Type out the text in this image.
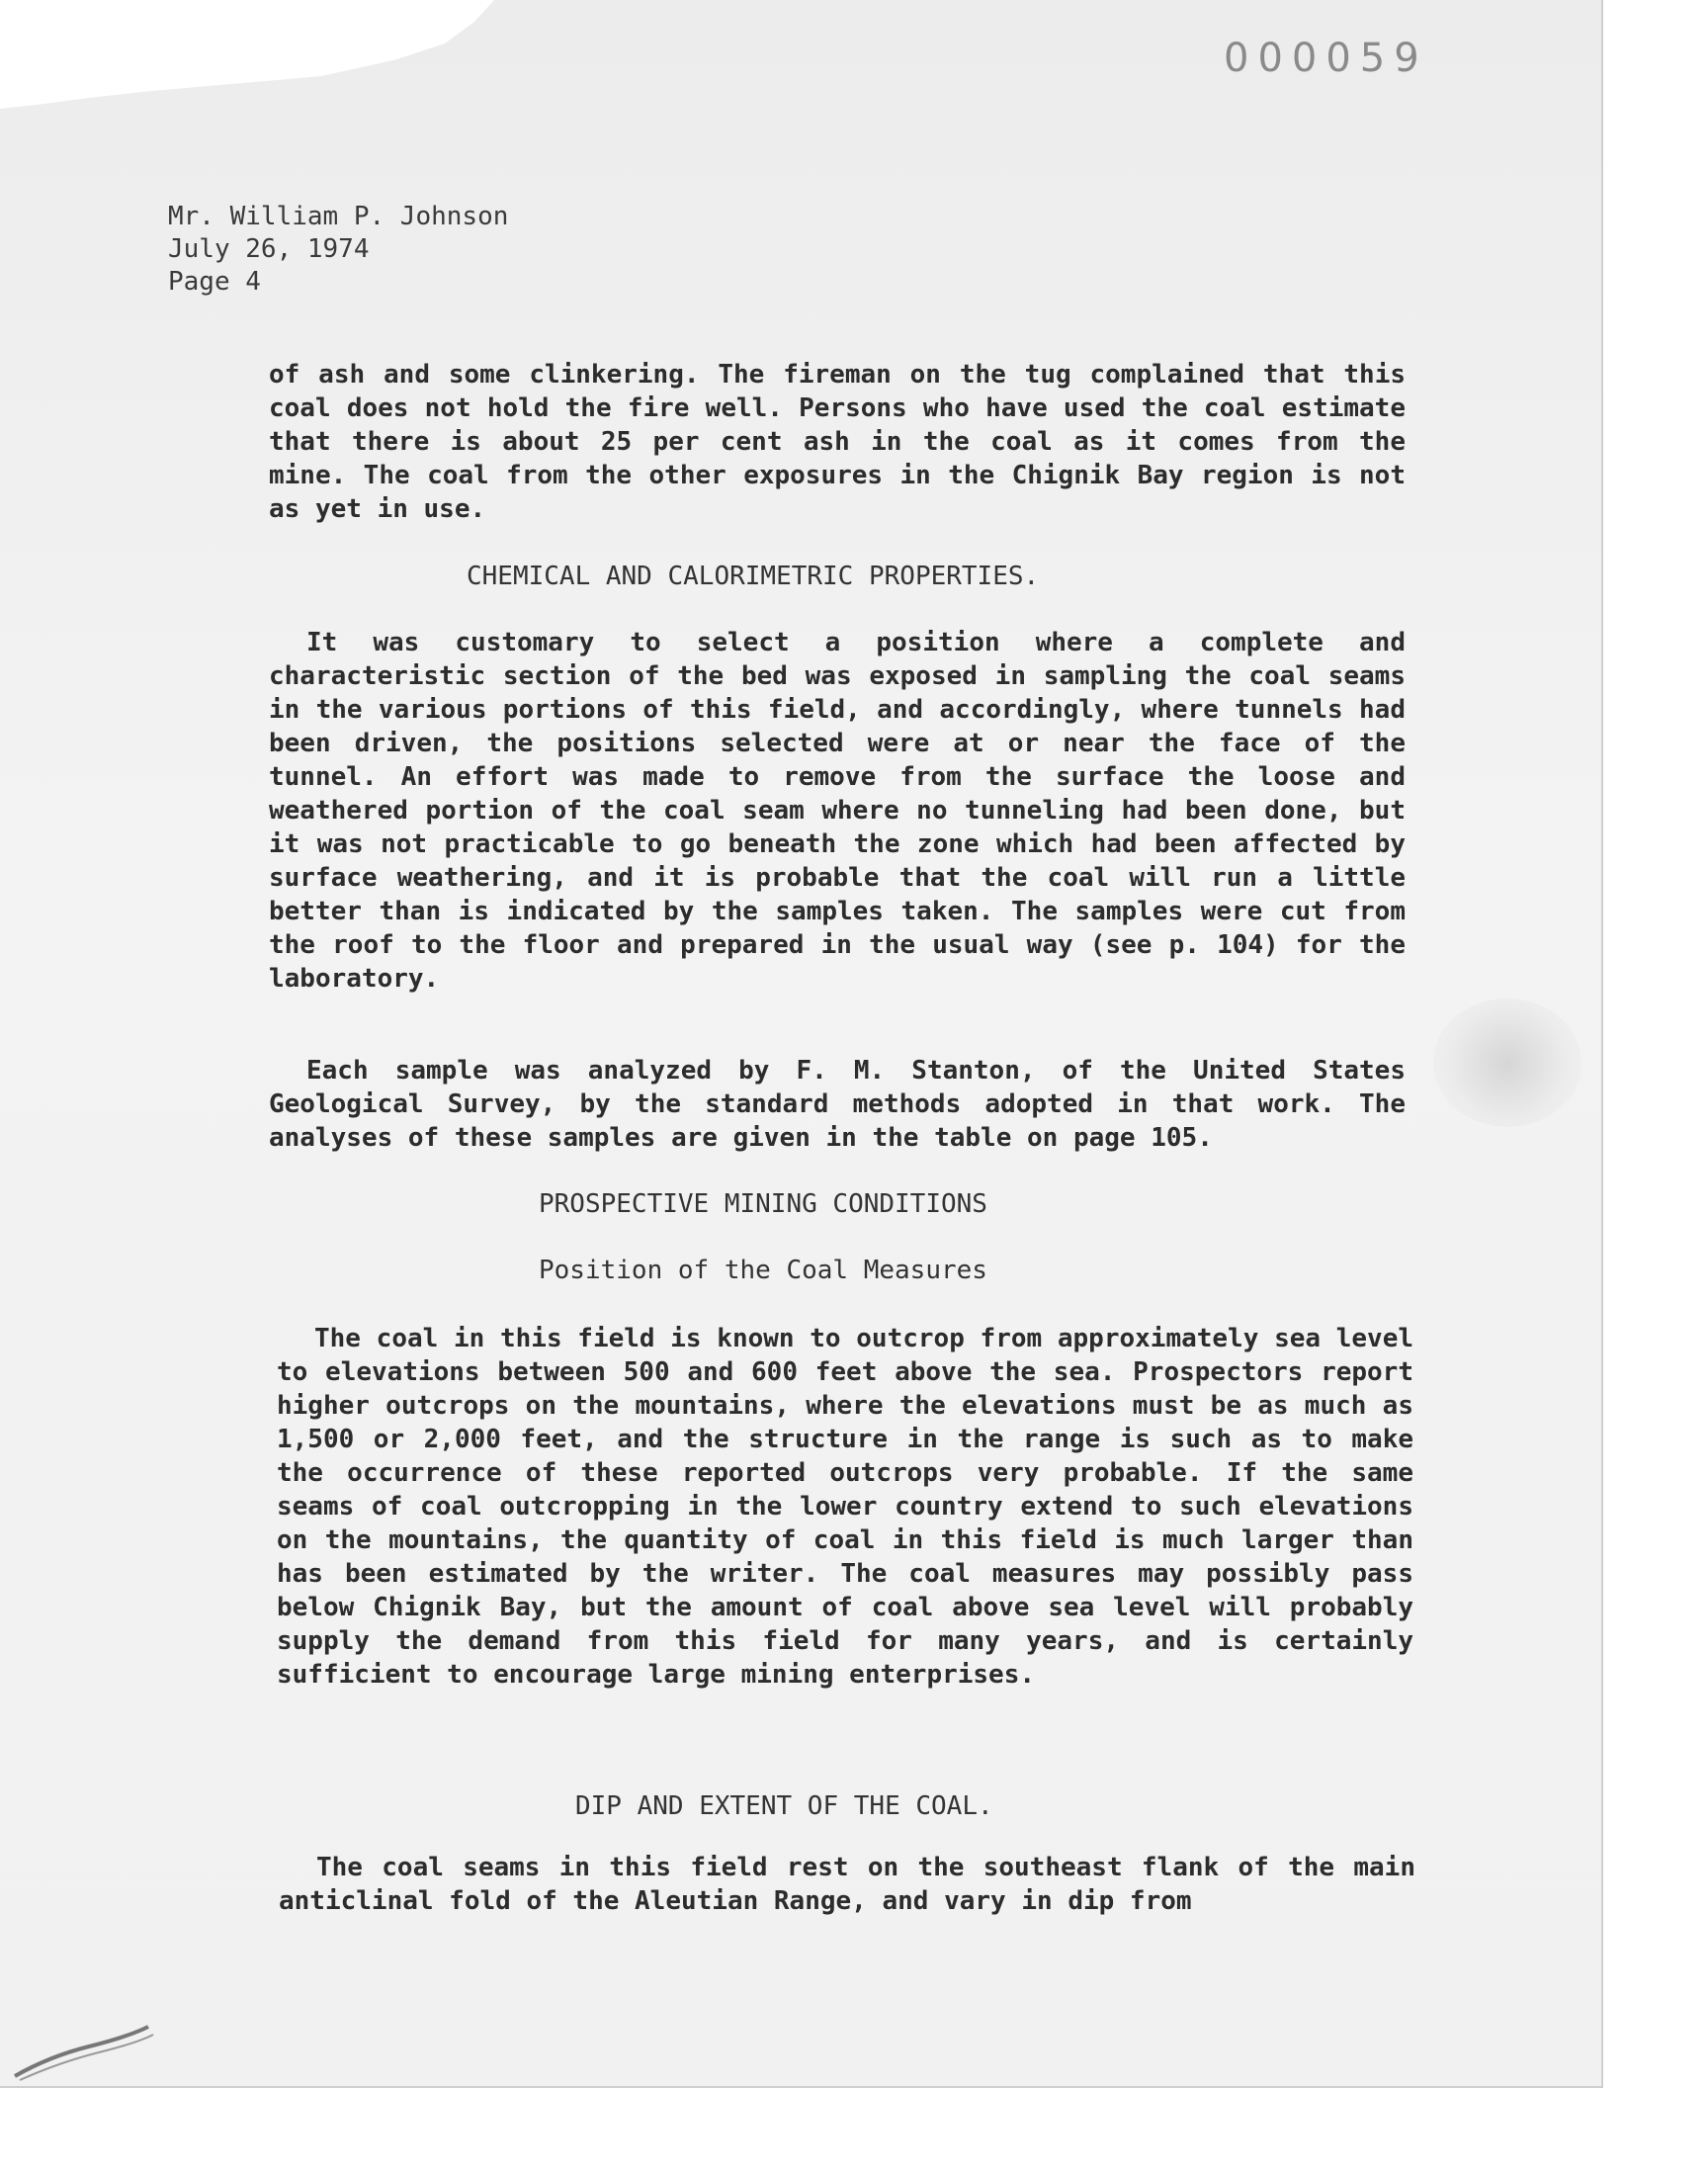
000059
Mr. William P. Johnson
July 26, 1974
Page 4

of ash and some clinkering. The fireman on the tug complained that this coal does not hold the fire well. Persons who have used the coal estimate that there is about 25 per cent ash in the coal as it comes from the mine. The coal from the other exposures in the Chignik Bay region is not as yet in use.

CHEMICAL AND CALORIMETRIC PROPERTIES.

It was customary to select a position where a complete and characteristic section of the bed was exposed in sampling the coal seams in the various portions of this field, and accordingly, where tunnels had been driven, the positions selected were at or near the face of the tunnel. An effort was made to remove from the surface the loose and weathered portion of the coal seam where no tunneling had been done, but it was not practicable to go beneath the zone which had been affected by surface weathering, and it is probable that the coal will run a little better than is indicated by the samples taken. The samples were cut from the roof to the floor and prepared in the usual way (see p. 104) for the laboratory.

Each sample was analyzed by F. M. Stanton, of the United States Geological Survey, by the standard methods adopted in that work. The analyses of these samples are given in the table on page 105.

PROSPECTIVE MINING CONDITIONS
Position of the Coal Measures

The coal in this field is known to outcrop from approximately sea level to elevations between 500 and 600 feet above the sea. Prospectors report higher outcrops on the mountains, where the elevations must be as much as 1,500 or 2,000 feet, and the structure in the range is such as to make the occurrence of these reported outcrops very probable. If the same seams of coal outcropping in the lower country extend to such elevations on the mountains, the quantity of coal in this field is much larger than has been estimated by the writer. The coal measures may possibly pass below Chignik Bay, but the amount of coal above sea level will probably supply the demand from this field for many years, and is certainly sufficient to encourage large mining enterprises.

DIP AND EXTENT OF THE COAL.

The coal seams in this field rest on the southeast flank of the main anticlinal fold of the Aleutian Range, and vary in dip from
